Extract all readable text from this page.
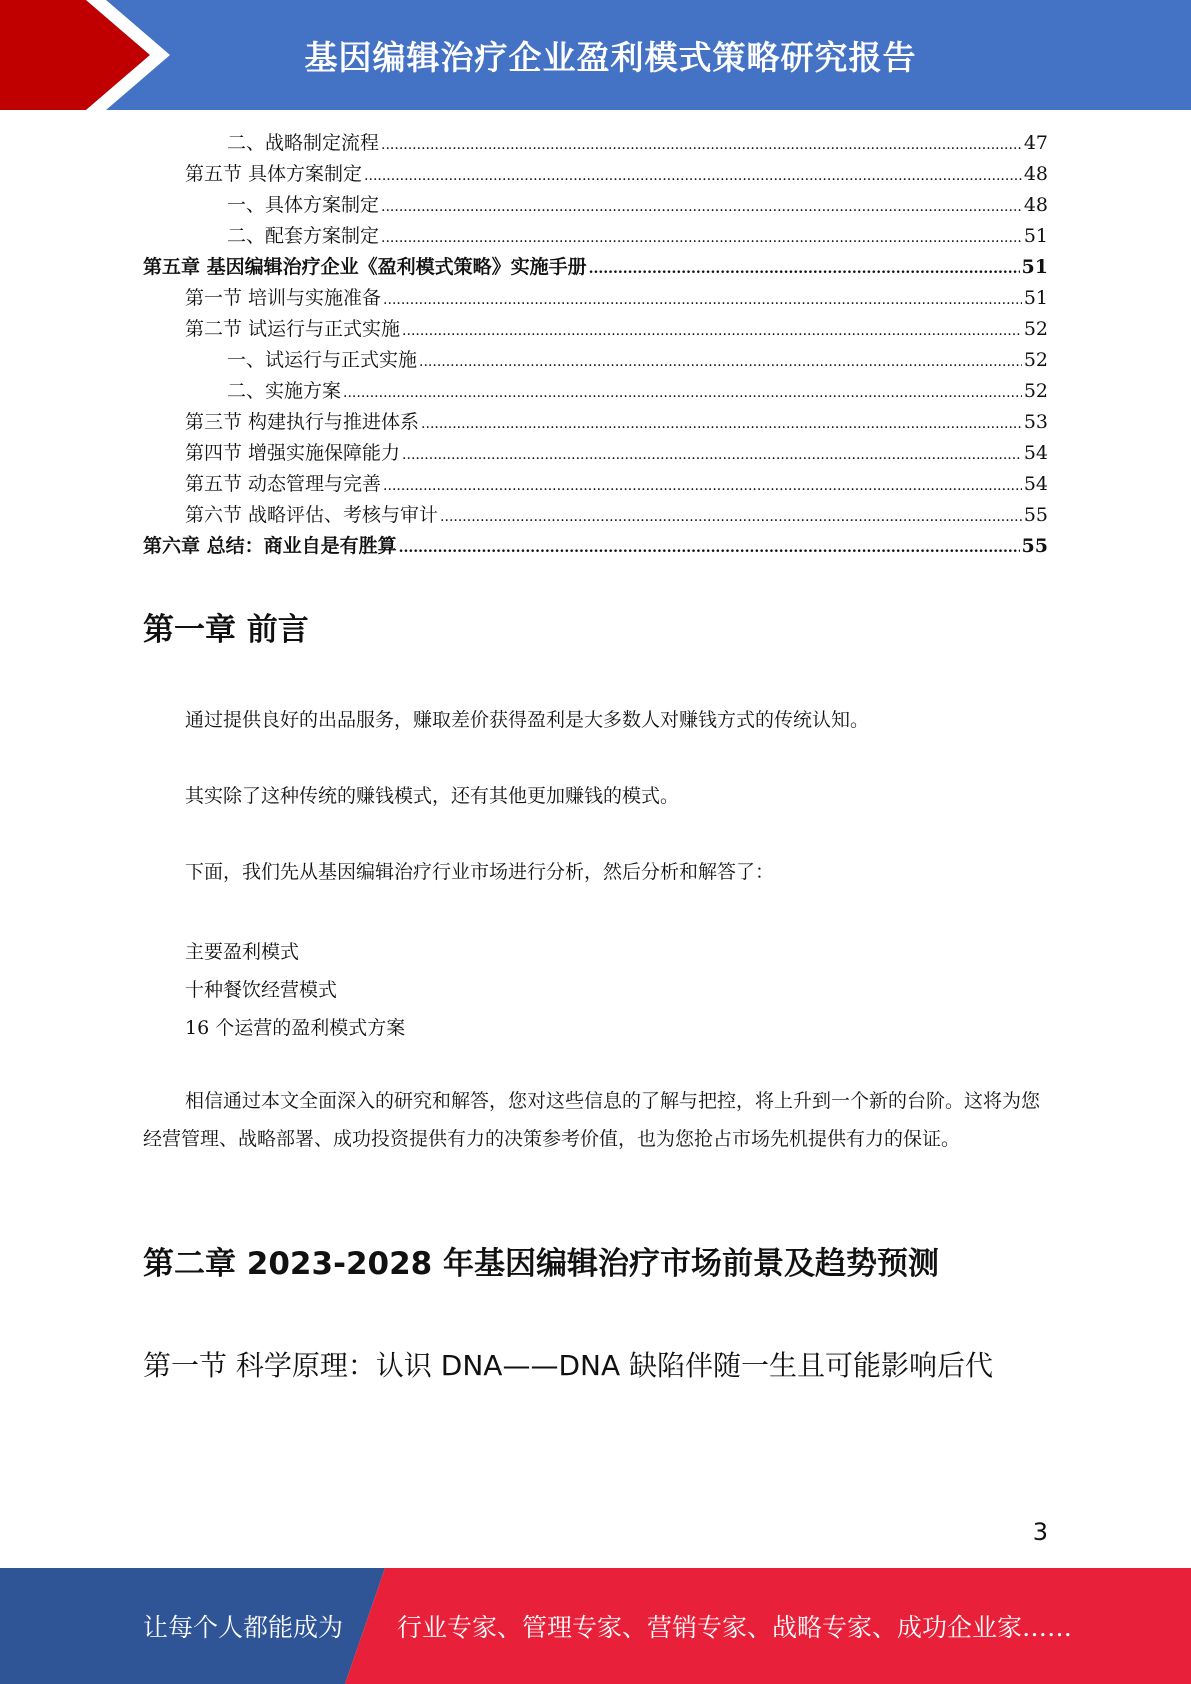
基因编辑治疗企业盈利模式策略研究报告
二、战略制定流程 .....	47
第五节 具体方案制定 .....	48
一、具体方案制定 .....	48
二、配套方案制定 .....	51
第五章 基因编辑治疗企业《盈利模式策略》实施手册 .....	51
第一节 培训与实施准备 .....	51
第二节 试运行与正式实施 .....	52
一、试运行与正式实施 .....	52
二、实施方案 .....	52
第三节 构建执行与推进体系 .....	53
第四节 增强实施保障能力 .....	54
第五节 动态管理与完善 .....	54
第六节 战略评估、考核与审计 .....	55
第六章 总结：商业自是有胜算 .....	55
第一章 前言
通过提供良好的出品服务，赚取差价获得盈利是大多数人对赚钱方式的传统认知。
其实除了这种传统的赚钱模式，还有其他更加赚钱的模式。
下面，我们先从基因编辑治疗行业市场进行分析，然后分析和解答了：
主要盈利模式
十种餐饮经营模式
16 个运营的盈利模式方案
相信通过本文全面深入的研究和解答，您对这些信息的了解与把控，将上升到一个新的台阶。这将为您经营管理、战略部署、成功投资提供有力的决策参考价值，也为您抢占市场先机提供有力的保证。
第二章 2023-2028 年基因编辑治疗市场前景及趋势预测
第一节 科学原理：认识 DNA——DNA 缺陷伴随一生且可能影响后代
3
让每个人都能成为 行业专家、管理专家、营销专家、战略专家、成功企业家……
